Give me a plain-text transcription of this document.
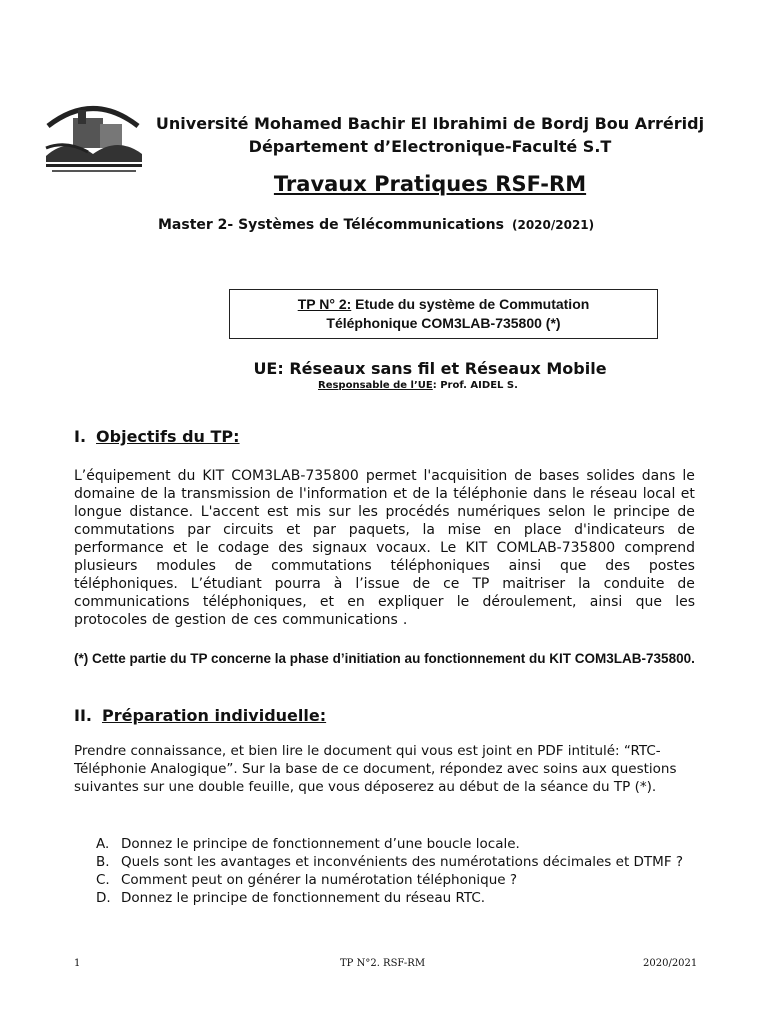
Université Mohamed Bachir El Ibrahimi de Bordj Bou Arréridj
Département d’Electronique-Faculté S.T
Travaux Pratiques RSF-RM
Master 2- Systèmes de Télécommunications (2020/2021)
TP N° 2: Etude du système de Commutation
Téléphonique COM3LAB-735800 (*)
UE: Réseaux sans fil et Réseaux Mobile
Responsable de l’UE: Prof. AIDEL S.
I. Objectifs du TP:
L’équipement du KIT COM3LAB-735800 permet l'acquisition de bases solides dans le
domaine de la transmission de l'information et de la téléphonie dans le réseau local et
longue distance. L'accent est mis sur les procédés numériques selon le principe de
commutations par circuits et par paquets, la mise en place d'indicateurs de
performance et le codage des signaux vocaux. Le KIT COMLAB-735800 comprend
plusieurs modules de commutations téléphoniques ainsi que des postes
téléphoniques. L’étudiant pourra à l’issue de ce TP maitriser la conduite de
communications téléphoniques, et en expliquer le déroulement, ainsi que les
protocoles de gestion de ces communications .
(*) Cette partie du TP concerne la phase d’initiation au fonctionnement du KIT COM3LAB-735800.
II. Préparation individuelle:
Prendre connaissance, et bien lire le document qui vous est joint en PDF intitulé: “RTC-Téléphonie Analogique”. Sur la base de ce document, répondez avec soins aux questions suivantes sur une double feuille, que vous déposerez au début de la séance du TP (*).
A. Donnez le principe de fonctionnement d’une boucle locale.
B. Quels sont les avantages et inconvénients des numérotations décimales et DTMF ?
C. Comment peut on générer la numérotation téléphonique ?
D. Donnez le principe de fonctionnement du réseau RTC.
1	TP N°2. RSF-RM	2020/2021
